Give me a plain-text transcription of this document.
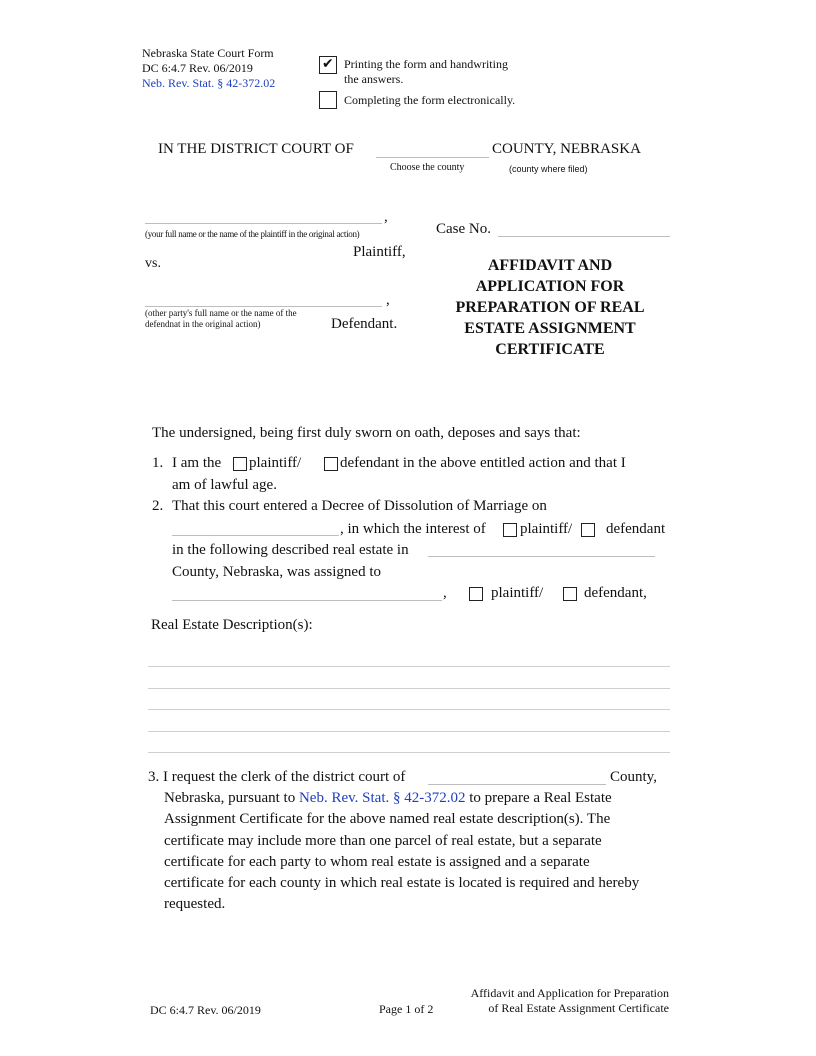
Nebraska State Court Form
DC 6:4.7 Rev. 06/2019
Neb. Rev. Stat. § 42-372.02
✔ Printing the form and handwriting
the answers.
Completing the form electronically.
IN THE DISTRICT COURT OF	COUNTY, NEBRASKA
Choose the county	(county where filed)
,
(your full name or the name of the plaintiff in the original action)
Plaintiff,
vs.
,
(other party's full name or the name of the
defendnat in the original action)	Defendant.
Case No.
AFFIDAVIT AND
APPLICATION FOR
PREPARATION OF REAL
ESTATE ASSIGNMENT
CERTIFICATE
The undersigned, being first duly sworn on oath, deposes and says that:
1. I am the plaintiff/	defendant in the above entitled action and that I
am of lawful age.
2. That this court entered a Decree of Dissolution of Marriage on
, in which the interest of plaintiff/ defendant
in the following described real estate in
County, Nebraska, was assigned to
,	plaintiff/	defendant,
Real Estate Description(s):
3. I request the clerk of the district court of	County,
Nebraska, pursuant to Neb. Rev. Stat. § 42-372.02 to prepare a Real Estate
Assignment Certificate for the above named real estate description(s). The
certificate may include more than one parcel of real estate, but a separate
certificate for each party to whom real estate is assigned and a separate
certificate for each county in which real estate is located is required and hereby
requested.
DC 6:4.7 Rev. 06/2019	Page 1 of 2
Affidavit and Application for Preparation
of Real Estate Assignment Certificate
